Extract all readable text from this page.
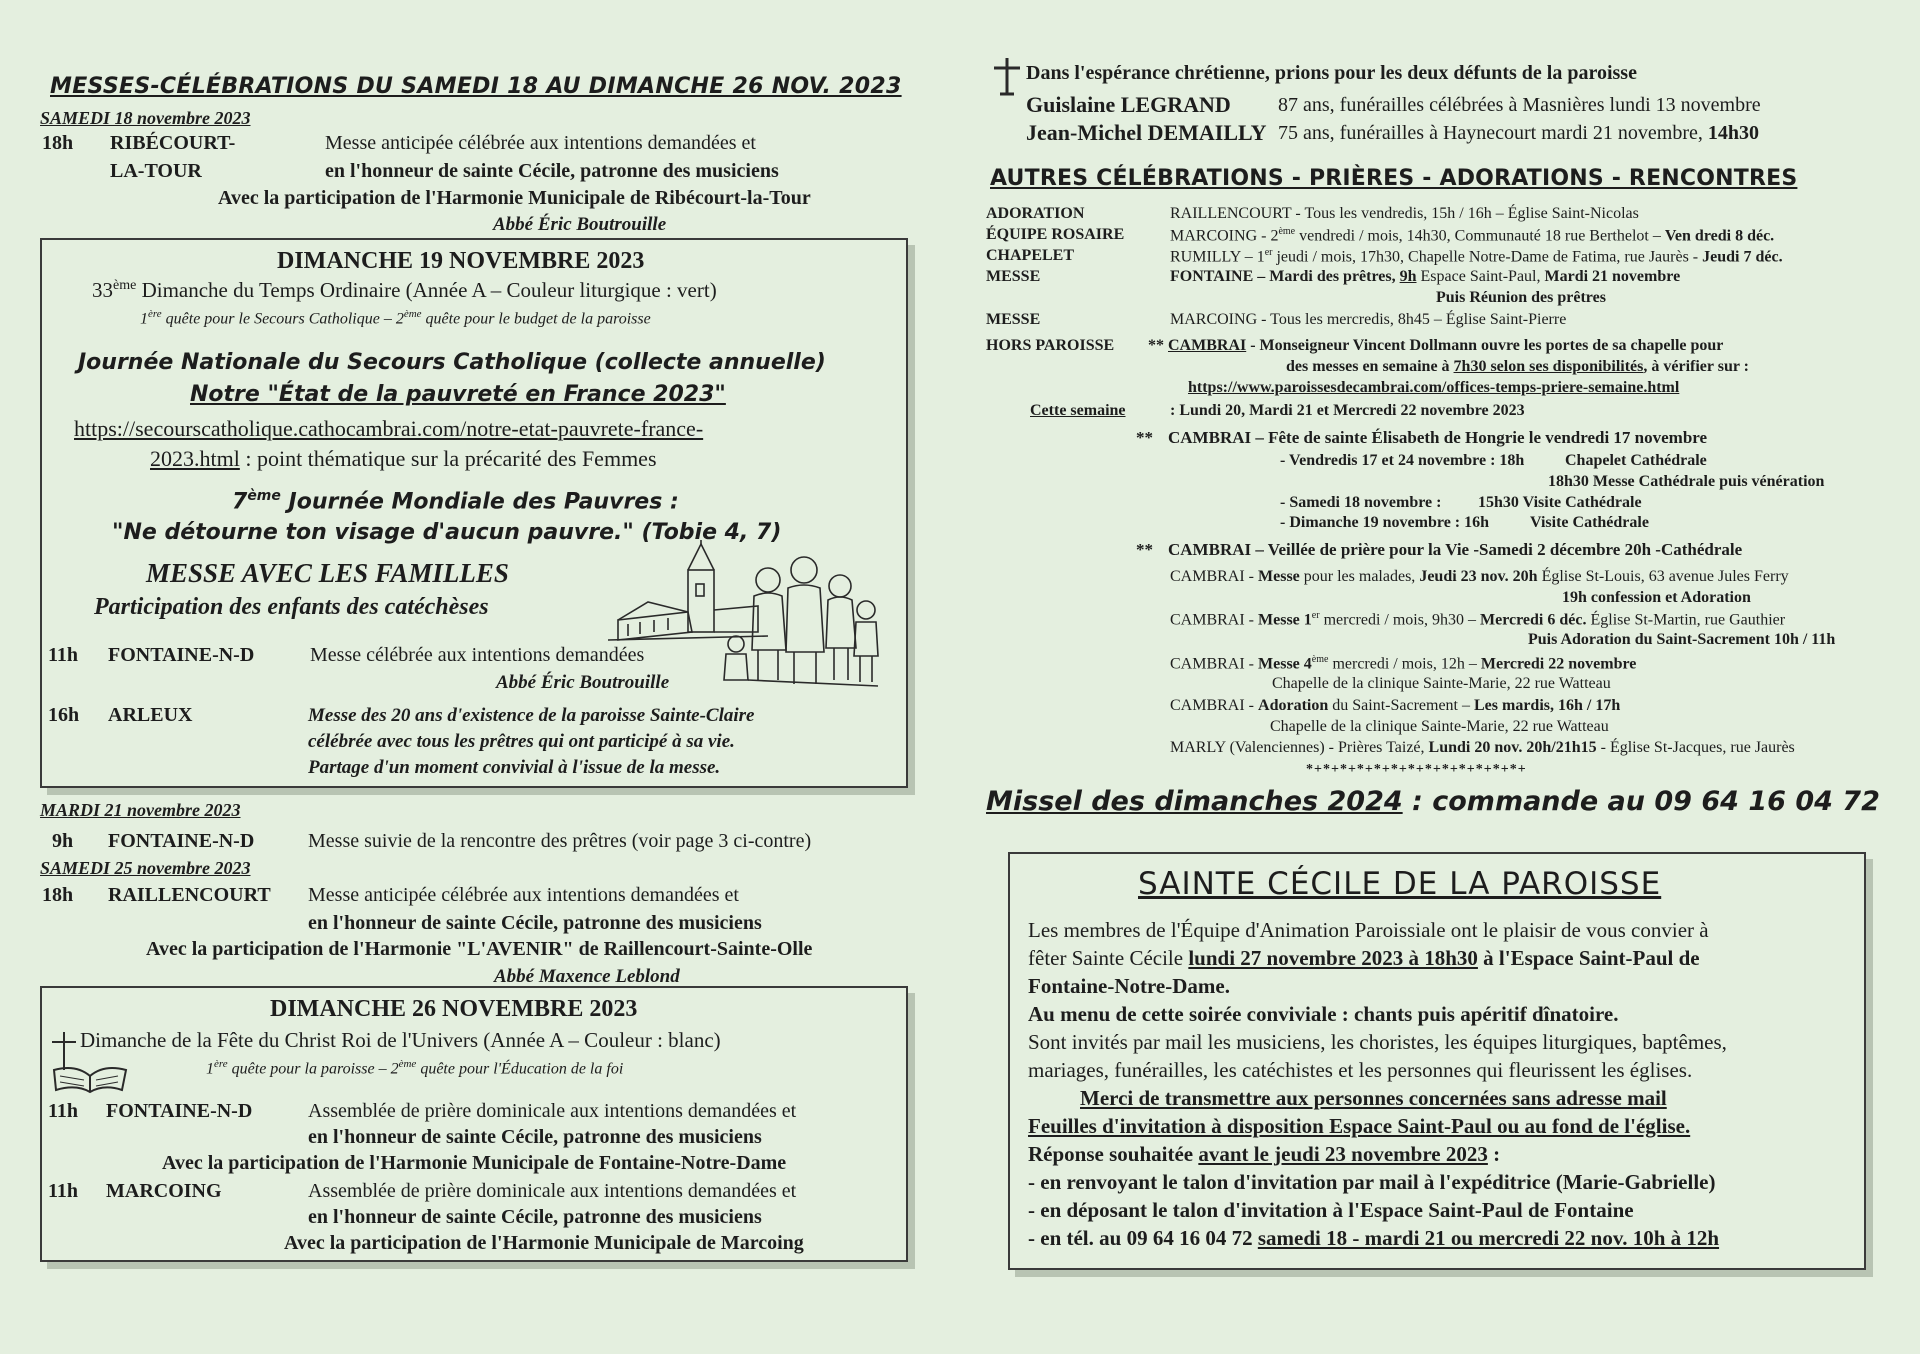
MESSES-CÉLÉBRATIONS DU SAMEDI 18 AU DIMANCHE 26 NOV. 2023
SAMEDI 18 novembre 2023
18h RIBÉCOURT-
LA-TOUR
Messe anticipée célébrée aux intentions demandées et
en l'honneur de sainte Cécile, patronne des musiciens
Avec la participation de l'Harmonie Municipale de Ribécourt-la-Tour
Abbé Éric Boutrouille
DIMANCHE 19 NOVEMBRE 2023
33ème Dimanche du Temps Ordinaire (Année A – Couleur liturgique : vert)
1ère quête pour le Secours Catholique – 2ème quête pour le budget de la paroisse
Journée Nationale du Secours Catholique (collecte annuelle)
Notre "État de la pauvreté en France 2023"
https://secourscatholique.cathocambrai.com/notre-etat-pauvrete-france-
2023.html : point thématique sur la précarité des Femmes
7ème Journée Mondiale des Pauvres :
"Ne détourne ton visage d'aucun pauvre." (Tobie 4, 7)
MESSE AVEC LES FAMILLES
Participation des enfants des catéchèses
11h FONTAINE-N-D	Messe célébrée aux intentions demandées
Abbé Éric Boutrouille
16h ARLEUX	Messe des 20 ans d'existence de la paroisse Sainte-Claire
célébrée avec tous les prêtres qui ont participé à sa vie.
Partage d'un moment convivial à l'issue de la messe.
MARDI 21 novembre 2023
9h FONTAINE-N-D	Messe suivie de la rencontre des prêtres (voir page 3 ci-contre)
SAMEDI 25 novembre 2023
18h RAILLENCOURT Messe anticipée célébrée aux intentions demandées et
en l'honneur de sainte Cécile, patronne des musiciens
Avec la participation de l'Harmonie "L'AVENIR" de Raillencourt-Sainte-Olle
Abbé Maxence Leblond
DIMANCHE 26 NOVEMBRE 2023
Dimanche de la Fête du Christ Roi de l'Univers (Année A – Couleur : blanc)
1ère quête pour la paroisse – 2ème quête pour l'Éducation de la foi
11h FONTAINE-N-D	Assemblée de prière dominicale aux intentions demandées et
en l'honneur de sainte Cécile, patronne des musiciens
Avec la participation de l'Harmonie Municipale de Fontaine-Notre-Dame
11h MARCOING	Assemblée de prière dominicale aux intentions demandées et
en l'honneur de sainte Cécile, patronne des musiciens
Avec la participation de l'Harmonie Municipale de Marcoing
Dans l'espérance chrétienne, prions pour les deux défunts de la paroisse
Guislaine LEGRAND 87 ans, funérailles célébrées à Masnières lundi 13 novembre
Jean-Michel DEMAILLY 75 ans, funérailles à Haynecourt mardi 21 novembre, 14h30
AUTRES CÉLÉBRATIONS - PRIÈRES - ADORATIONS - RENCONTRES
ADORATION	RAILLENCOURT - Tous les vendredis, 15h / 16h – Église Saint-Nicolas
ÉQUIPE ROSAIRE	MARCOING - 2ème vendredi / mois, 14h30, Communauté 18 rue Berthelot – Ven dredi 8 déc.
CHAPELET	RUMILLY – 1er jeudi / mois, 17h30, Chapelle Notre-Dame de Fatima, rue Jaurès - Jeudi 7 déc.
MESSE	FONTAINE – Mardi des prêtres, 9h Espace Saint-Paul, Mardi 21 novembre
Puis Réunion des prêtres
MESSE	MARCOING - Tous les mercredis, 8h45 – Église Saint-Pierre
HORS PAROISSE ** CAMBRAI - Monseigneur Vincent Dollmann ouvre les portes de sa chapelle pour
des messes en semaine à 7h30 selon ses disponibilités, à vérifier sur :
https://www.paroissesdecambrai.com/offices-temps-priere-semaine.html
Cette semaine	: Lundi 20, Mardi 21 et Mercredi 22 novembre 2023
** CAMBRAI – Fête de sainte Élisabeth de Hongrie le vendredi 17 novembre
- Vendredis 17 et 24 novembre : 18h	Chapelet Cathédrale
18h30 Messe Cathédrale puis vénération
- Samedi 18 novembre : 15h30 Visite Cathédrale
- Dimanche 19 novembre : 16h	Visite Cathédrale
** CAMBRAI – Veillée de prière pour la Vie -Samedi 2 décembre 20h -Cathédrale
CAMBRAI - Messe pour les malades, Jeudi 23 nov. 20h Église St-Louis, 63 avenue Jules Ferry
19h confession et Adoration
CAMBRAI - Messe 1er mercredi / mois, 9h30 – Mercredi 6 déc. Église St-Martin, rue Gauthier
Puis Adoration du Saint-Sacrement 10h / 11h
CAMBRAI - Messe 4ème mercredi / mois, 12h – Mercredi 22 novembre
Chapelle de la clinique Sainte-Marie, 22 rue Watteau
CAMBRAI - Adoration du Saint-Sacrement – Les mardis, 16h / 17h
Chapelle de la clinique Sainte-Marie, 22 rue Watteau
MARLY (Valenciennes) - Prières Taizé, Lundi 20 nov. 20h/21h15 - Église St-Jacques, rue Jaurès
*+*+*+*+*+*+*+*+*+*+*+*+*+
Missel des dimanches 2024 : commande au 09 64 16 04 72
SAINTE CÉCILE DE LA PAROISSE
Les membres de l'Équipe d'Animation Paroissiale ont le plaisir de vous convier à
fêter Sainte Cécile lundi 27 novembre 2023 à 18h30 à l'Espace Saint-Paul de
Fontaine-Notre-Dame.
Au menu de cette soirée conviviale : chants puis apéritif dînatoire.
Sont invités par mail les musiciens, les choristes, les équipes liturgiques, baptêmes,
mariages, funérailles, les catéchistes et les personnes qui fleurissent les églises.
Merci de transmettre aux personnes concernées sans adresse mail
Feuilles d'invitation à disposition Espace Saint-Paul ou au fond de l'église.
Réponse souhaitée avant le jeudi 23 novembre 2023 :
- en renvoyant le talon d'invitation par mail à l'expéditrice (Marie-Gabrielle)
- en déposant le talon d'invitation à l'Espace Saint-Paul de Fontaine
- en tél. au 09 64 16 04 72 samedi 18 - mardi 21 ou mercredi 22 nov. 10h à 12h
